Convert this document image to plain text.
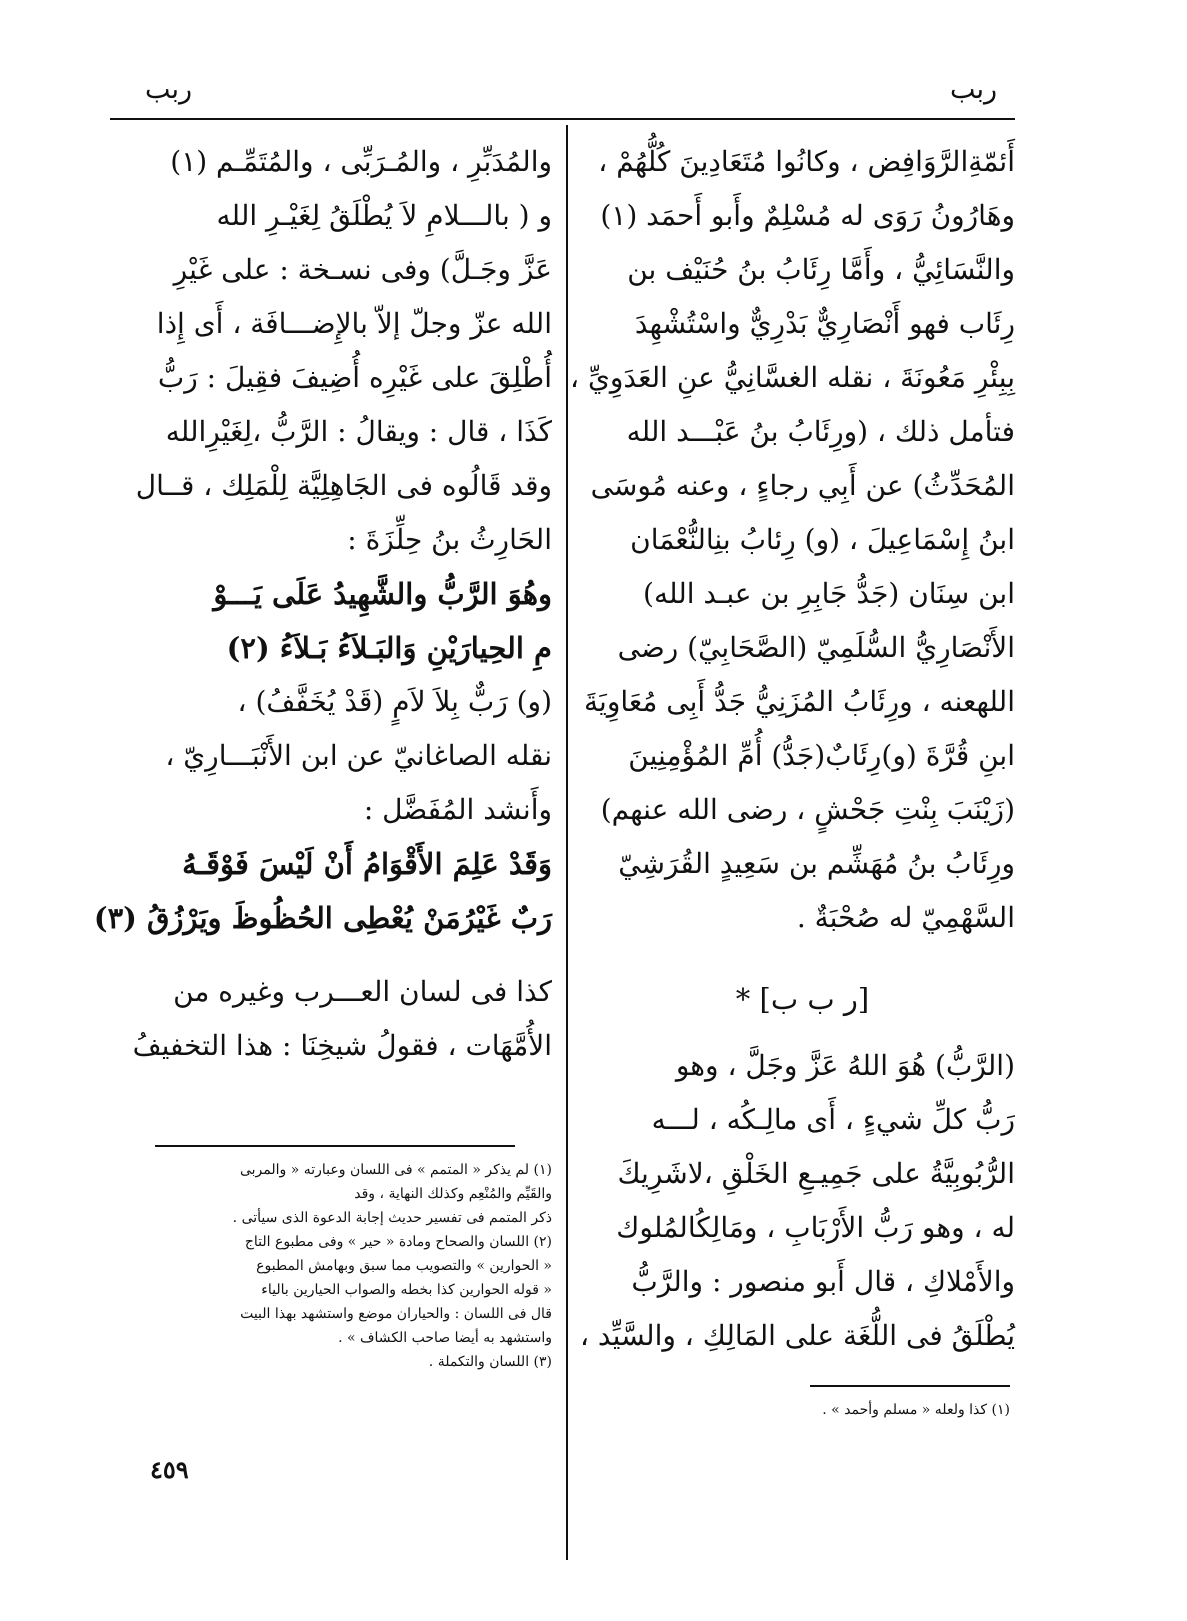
ربب
ربب
أَئمّةِالرَّوَافِض ، وكانُوا مُتَعَادِينَ كُلُّهُمْ ،
وهَارُونُ رَوَى له مُسْلِمٌ وأَبو أَحمَد (١)
والنَّسَائِيُّ ، وأَمَّا رِئَابُ بنُ حُنَيْف بن
رِئَاب فهو أَنْصَارِيٌّ بَدْرِيٌّ واسْتُشْهِدَ
بِبِئْرِ مَعُونَةَ ، نقله الغسَّانِيُّ عنِ العَدَوِيِّ ،
فتأمل ذلك ، (ورِئَابُ بنُ عَبْـــد الله
المُحَدِّثُ) عن أَبِي رجاءٍ ، وعنه مُوسَى
ابنُ إِسْمَاعِيلَ ، (و) رِئابُ بنِالنُّعْمَان
ابن سِنَان (جَدُّ جَابِرِ بن عبـد الله)
الأَنْصَارِيُّ السُّلَمِيّ (الصَّحَابِيّ) رضى
اللهعنه ، ورِئَابُ المُزَنِيُّ جَدُّ أَبِى مُعَاوِيَةَ
ابنِ قُرَّةَ (و)رِئَابٌ(جَدُّ) أُمِّ المُؤْمِنِينَ
(زَيْنَبَ بِنْتِ جَحْشٍ ، رضى الله عنهم)
ورِئَابُ بنُ مُهَشِّم بن سَعِيدٍ القُرَشِيّ
السَّهْمِيّ له صُحْبَةٌ .
[ر ب ب] *
(الرَّبُّ) هُوَ اللهُ عَزَّ وجَلَّ ، وهو
رَبُّ كلِّ شيءٍ ، أَى مالِـكُه ، لـــه
الرُّبُوبِيَّةُ على جَمِيـعِ الخَلْقِ ،لاشَرِيكَ
له ، وهو رَبُّ الأَرْبَابِ ، ومَالِكُالمُلوك
والأَمْلاكِ ، قال أَبو منصور : والرَّبُّ
يُطْلَقُ فى اللُّغَة على المَالِكِ ، والسَّيِّد ،
والمُدَبِّرِ ، والمُـرَبِّى ، والمُتَمِّـم (١)
و ( بالـــلامِ لاَ يُطْلَقُ لِغَيْـرِ الله
عَزَّ وجَـلَّ) وفى نسـخة : على غَيْرِ
الله عزّ وجلّ إلاّ بالإِضـــافَة ، أَى إِذا
أُطْلِقَ على غَيْرِه أُضِيفَ فقِيلَ : رَبُّ
كَذَا ، قال : ويقالُ : الرَّبُّ ،لِغَيْرِالله
وقد قَالُوه فى الجَاهِلِيَّة لِلْمَلِك ، قــال
الحَارِثُ بنُ حِلِّزَةَ :
وهُوَ الرَّبُّ والشَّهِيدُ عَلَى يَـــوْ
مِ الحِيارَيْنِ وَالبَـلاَءُ بَـلاَءُ (٢)
(و) رَبٌّ بِلاَ لاَمٍ (قَدْ يُخَفَّفُ) ،
نقله الصاغانيّ عن ابن الأَنْبَـــارِيّ ،
وأَنشد المُفَضَّل :
وَقَدْ عَلِمَ الأَقْوَامُ أَنْ لَيْسَ فَوْقَـهُ
رَبٌ غَيْرُمَنْ يُعْطِى الحُظُوظَ ويَرْزُقُ (٣)
كذا فى لسان العـــرب وغيره من
الأُمَّهَات ، فقولُ شيخِنَا : هذا التخفيفُ
(١) لم يذكر « المتمم » فى اللسان وعبارته « والمربى
والقَيِّم والمُنْعِم وكذلك النهاية ، وقد
ذكر المتمم فى تفسير حديث إجابة الدعوة الذى سيأتى .
(٢) اللسان والصحاح ومادة « حير » وفى مطبوع التاج
« الحوارين » والتصويب مما سبق وبهامش المطبوع
« قوله الحوارين كذا بخطه والصواب الحيارين بالياء
قال فى اللسان : والحياران موضع واستشهد بهذا البيت
واستشهد به أيضا صاحب الكشاف » .
(٣) اللسان والتكملة .
(١) كذا ولعله « مسلم وأحمد » .
٤٥٩
